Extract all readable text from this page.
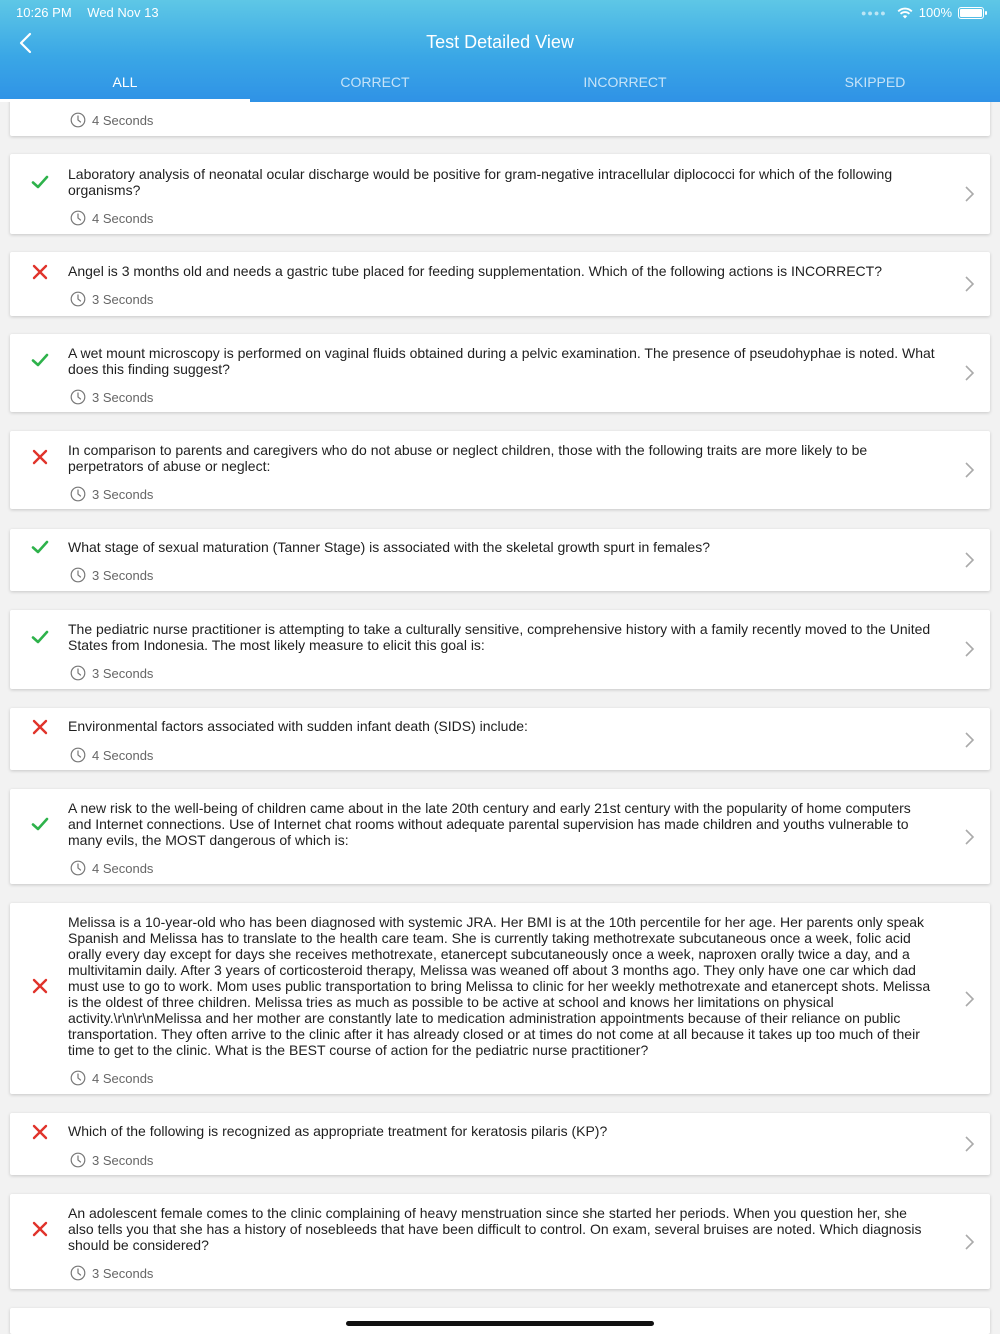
10:26 PM Wed Nov 13	●●●● 100%
Test Detailed View
ALL	CORRECT	INCORRECT	SKIPPED
4 Seconds
Laboratory analysis of neonatal ocular discharge would be positive for gram-negative intracellular diplococci for which of the following organisms?
4 Seconds
Angel is 3 months old and needs a gastric tube placed for feeding supplementation. Which of the following actions is INCORRECT?
3 Seconds
A wet mount microscopy is performed on vaginal fluids obtained during a pelvic examination. The presence of pseudohyphae is noted. What does this finding suggest?
3 Seconds
In comparison to parents and caregivers who do not abuse or neglect children, those with the following traits are more likely to be perpetrators of abuse or neglect:
3 Seconds
What stage of sexual maturation (Tanner Stage) is associated with the skeletal growth spurt in females?
3 Seconds
The pediatric nurse practitioner is attempting to take a culturally sensitive, comprehensive history with a family recently moved to the United States from Indonesia. The most likely measure to elicit this goal is:
3 Seconds
Environmental factors associated with sudden infant death (SIDS) include:
4 Seconds
A new risk to the well-being of children came about in the late 20th century and early 21st century with the popularity of home computers and Internet connections. Use of Internet chat rooms without adequate parental supervision has made children and youths vulnerable to many evils, the MOST dangerous of which is:
4 Seconds
Melissa is a 10-year-old who has been diagnosed with systemic JRA. Her BMI is at the 10th percentile for her age. Her parents only speak Spanish and Melissa has to translate to the health care team. She is currently taking methotrexate subcutaneous once a week, folic acid orally every day except for days she receives methotrexate, etanercept subcutaneously once a week, naproxen orally twice a day, and a multivitamin daily. After 3 years of corticosteroid therapy, Melissa was weaned off about 3 months ago. They only have one car which dad must use to go to work. Mom uses public transportation to bring Melissa to clinic for her weekly methotrexate and etanercept shots. Melissa is the oldest of three children. Melissa tries as much as possible to be active at school and knows her limitations on physical activity.\r\n\r\nMelissa and her mother are constantly late to medication administration appointments because of their reliance on public transportation. They often arrive to the clinic after it has already closed or at times do not come at all because it takes up too much of their time to get to the clinic. What is the BEST course of action for the pediatric nurse practitioner?
4 Seconds
Which of the following is recognized as appropriate treatment for keratosis pilaris (KP)?
3 Seconds
An adolescent female comes to the clinic complaining of heavy menstruation since she started her periods. When you question her, she also tells you that she has a history of nosebleeds that have been difficult to control. On exam, several bruises are noted. Which diagnosis should be considered?
3 Seconds
